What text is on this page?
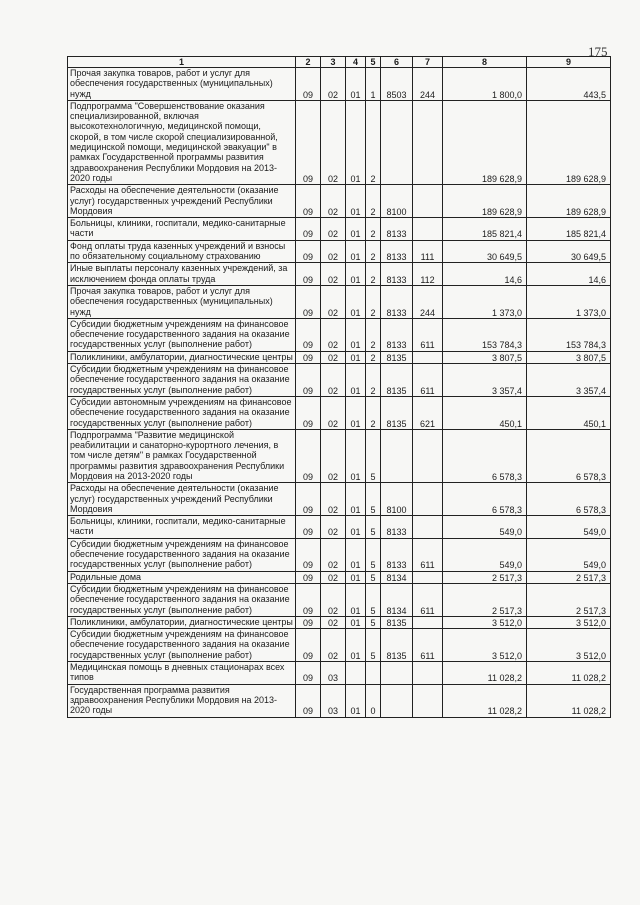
175
1	2	3	4	5	6	7	8	9
Прочая закупка товаров, работ и услуг для обеспечения государственных (муниципальных) нужд	09	02	01	1	8503	244	1 800,0	443,5
Подпрограмма "Совершенствование оказания специализированной, включая высокотехнологичную, медицинской помощи, скорой, в том числе скорой специализированной, медицинской помощи, медицинской эвакуации" в рамках Государственной программы развития здравоохранения Республики Мордовия на 2013-2020 годы	09	02	01	2			189 628,9	189 628,9
Расходы на обеспечение деятельности (оказание услуг) государственных учреждений Республики Мордовия	09	02	01	2	8100		189 628,9	189 628,9
Больницы, клиники, госпитали, медико-санитарные части	09	02	01	2	8133		185 821,4	185 821,4
Фонд оплаты труда казенных учреждений и взносы по обязательному социальному страхованию	09	02	01	2	8133	111	30 649,5	30 649,5
Иные выплаты персоналу казенных учреждений, за исключением фонда оплаты труда	09	02	01	2	8133	112	14,6	14,6
Прочая закупка товаров, работ и услуг для обеспечения государственных (муниципальных) нужд	09	02	01	2	8133	244	1 373,0	1 373,0
Субсидии бюджетным учреждениям на финансовое обеспечение государственного задания на оказание государственных услуг (выполнение работ)	09	02	01	2	8133	611	153 784,3	153 784,3
Поликлиники, амбулатории, диагностические центры	09	02	01	2	8135		3 807,5	3 807,5
Субсидии бюджетным учреждениям на финансовое обеспечение государственного задания на оказание государственных услуг (выполнение работ)	09	02	01	2	8135	611	3 357,4	3 357,4
Субсидии автономным учреждениям на финансовое обеспечение государственного задания на оказание государственных услуг (выполнение работ)	09	02	01	2	8135	621	450,1	450,1
Подпрограмма "Развитие медицинской реабилитации и санаторно-курортного лечения, в том числе детям" в рамках Государственной программы развития здравоохранения Республики Мордовия на 2013-2020 годы	09	02	01	5			6 578,3	6 578,3
Расходы на обеспечение деятельности (оказание услуг) государственных учреждений Республики Мордовия	09	02	01	5	8100		6 578,3	6 578,3
Больницы, клиники, госпитали, медико-санитарные части	09	02	01	5	8133		549,0	549,0
Субсидии бюджетным учреждениям на финансовое обеспечение государственного задания на оказание государственных услуг (выполнение работ)	09	02	01	5	8133	611	549,0	549,0
Родильные дома	09	02	01	5	8134		2 517,3	2 517,3
Субсидии бюджетным учреждениям на финансовое обеспечение государственного задания на оказание государственных услуг (выполнение работ)	09	02	01	5	8134	611	2 517,3	2 517,3
Поликлиники, амбулатории, диагностические центры	09	02	01	5	8135		3 512,0	3 512,0
Субсидии бюджетным учреждениям на финансовое обеспечение государственного задания на оказание государственных услуг (выполнение работ)	09	02	01	5	8135	611	3 512,0	3 512,0
Медицинская помощь в дневных стационарах всех типов	09	03					11 028,2	11 028,2
Государственная программа развития здравоохранения Республики Мордовия на 2013-2020 годы	09	03	01	0			11 028,2	11 028,2
